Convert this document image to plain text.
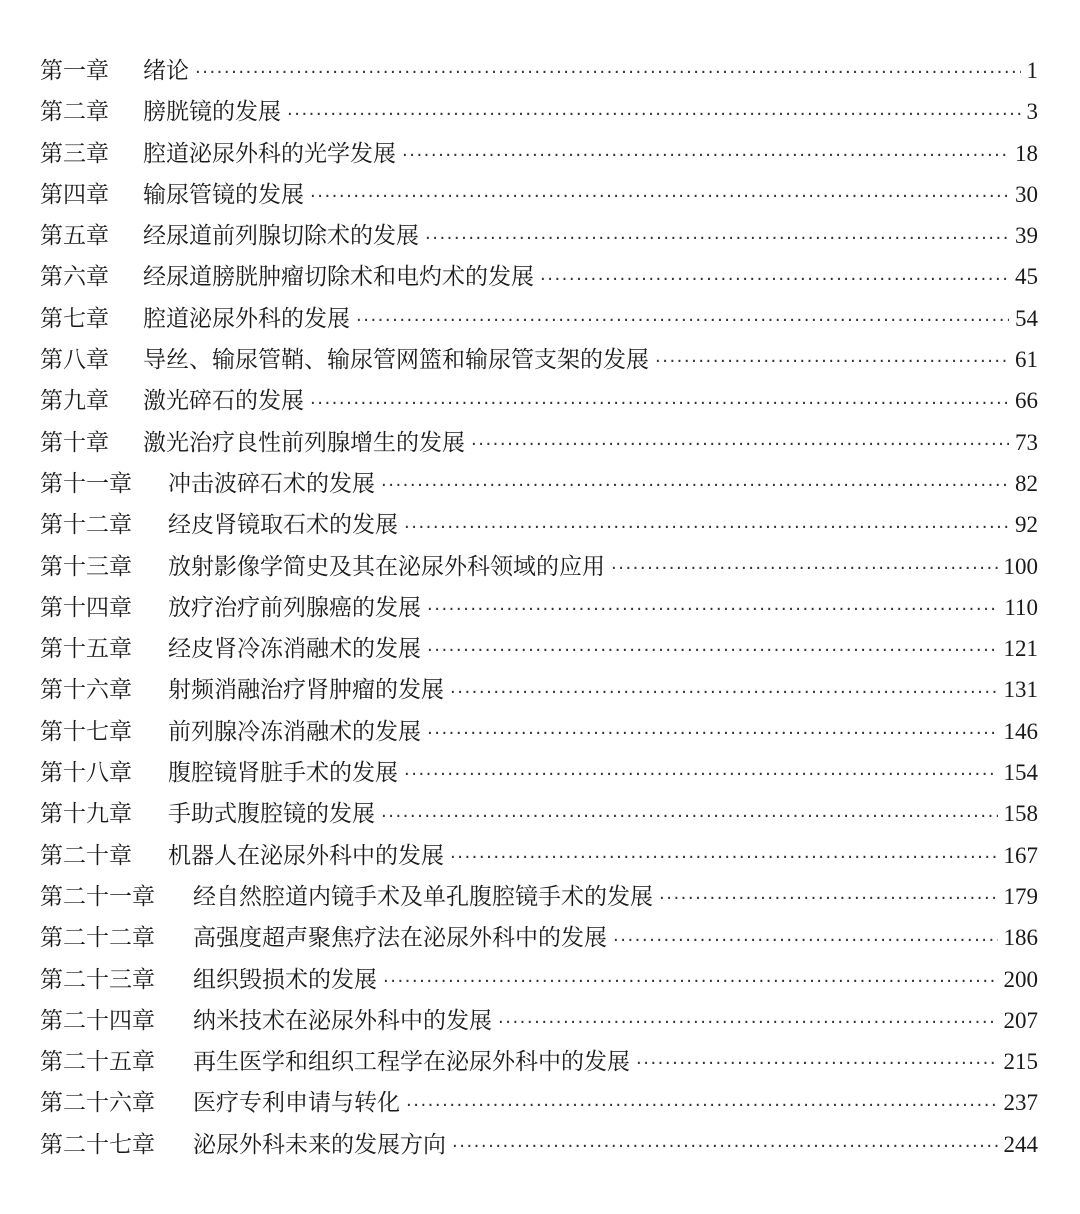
第一章	绪论 ·····	1
第二章	膀胱镜的发展 ·····	3
第三章	腔道泌尿外科的光学发展 ·····	18
第四章	输尿管镜的发展 ·····	30
第五章	经尿道前列腺切除术的发展 ·····	39
第六章	经尿道膀胱肿瘤切除术和电灼术的发展 ·····	45
第七章	腔道泌尿外科的发展 ·····	54
第八章	导丝、输尿管鞘、输尿管网篮和输尿管支架的发展 ·····	61
第九章	激光碎石的发展 ·····	66
第十章	激光治疗良性前列腺增生的发展 ·····	73
第十一章	冲击波碎石术的发展 ·····	82
第十二章	经皮肾镜取石术的发展 ·····	92
第十三章	放射影像学简史及其在泌尿外科领域的应用 ·····	100
第十四章	放疗治疗前列腺癌的发展 ·····	110
第十五章	经皮肾冷冻消融术的发展 ·····	121
第十六章	射频消融治疗肾肿瘤的发展 ·····	131
第十七章	前列腺冷冻消融术的发展 ·····	146
第十八章	腹腔镜肾脏手术的发展 ·····	154
第十九章	手助式腹腔镜的发展 ·····	158
第二十章	机器人在泌尿外科中的发展 ·····	167
第二十一章	经自然腔道内镜手术及单孔腹腔镜手术的发展 ·····	179
第二十二章	高强度超声聚焦疗法在泌尿外科中的发展 ·····	186
第二十三章	组织毁损术的发展 ·····	200
第二十四章	纳米技术在泌尿外科中的发展 ·····	207
第二十五章	再生医学和组织工程学在泌尿外科中的发展 ·····	215
第二十六章	医疗专利申请与转化 ·····	237
第二十七章	泌尿外科未来的发展方向 ·····	244
